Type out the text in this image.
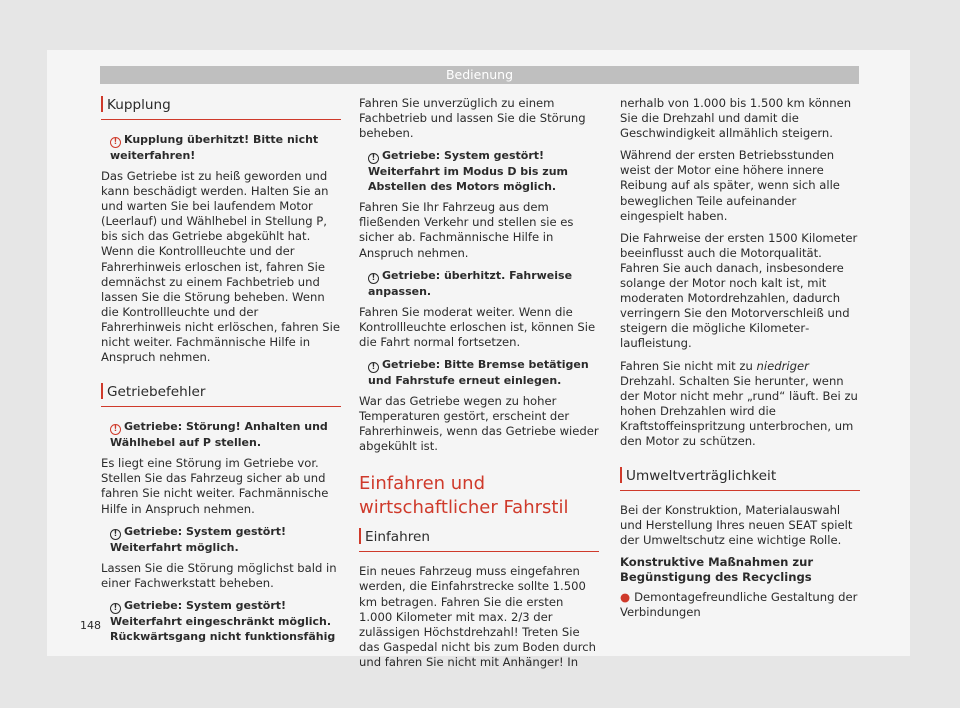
Bedienung
Kupplung
! Kupplung überhitzt! Bitte nicht weiterfahren!

Das Getriebe ist zu heiß geworden und kann beschädigt werden. Halten Sie an und warten Sie bei laufendem Motor (Leerlauf) und Wählhebel in Stellung P, bis sich das Getriebe abgekühlt hat. Wenn die Kontrollleuchte und der Fahrerhinweis erloschen ist, fahren Sie demnächst zu einem Fachbetrieb und lassen Sie die Störung beheben. Wenn die Kontrollleuchte und der Fahrerhinweis nicht erlöschen, fahren Sie nicht weiter. Fachmännische Hilfe in Anspruch nehmen.

Getriebefehler
! Getriebe: Störung! Anhalten und Wählhebel auf P stellen.

Es liegt eine Störung im Getriebe vor. Stellen Sie das Fahrzeug sicher ab und fahren Sie nicht weiter. Fachmännische Hilfe in Anspruch nehmen.

! Getriebe: System gestört! Weiterfahrt möglich.

Lassen Sie die Störung möglichst bald in einer Fachwerkstatt beheben.

! Getriebe: System gestört! Weiterfahrt eingeschränkt möglich. Rückwärtsgang nicht funktionsfähig

Fahren Sie unverzüglich zu einem Fachbetrieb und lassen Sie die Störung beheben.

! Getriebe: System gestört! Weiterfahrt im Modus D bis zum Abstellen des Motors möglich.

Fahren Sie Ihr Fahrzeug aus dem fließenden Verkehr und stellen sie es sicher ab. Fachmännische Hilfe in Anspruch nehmen.

! Getriebe: überhitzt. Fahrweise anpassen.

Fahren Sie moderat weiter. Wenn die Kontrollleuchte erloschen ist, können Sie die Fahrt normal fortsetzen.

! Getriebe: Bitte Bremse betätigen und Fahrstufe erneut einlegen.

War das Getriebe wegen zu hoher Temperaturen gestört, erscheint der Fahrerhinweis, wenn das Getriebe wieder abgekühlt ist.

Einfahren und wirtschaftlicher Fahrstil
Einfahren

Ein neues Fahrzeug muss eingefahren werden, die Einfahrstrecke sollte 1.500 km betragen. Fahren Sie die ersten 1.000 Kilometer mit max. 2/3 der zulässigen Höchstdrehzahl! Treten Sie das Gaspedal nicht bis zum Boden durch und fahren Sie nicht mit Anhänger! In

nerhalb von 1.000 bis 1.500 km können Sie die Drehzahl und damit die Geschwindigkeit allmählich steigern.

Während der ersten Betriebsstunden weist der Motor eine höhere innere Reibung auf als später, wenn sich alle beweglichen Teile aufeinander eingespielt haben.

Die Fahrweise der ersten 1500 Kilometer beeinflusst auch die Motorqualität. Fahren Sie auch danach, insbesondere solange der Motor noch kalt ist, mit moderaten Motordrehzahlen, dadurch verringern Sie den Motorverschleiß und steigern die mögliche Kilometerlaufleistung.

Fahren Sie nicht mit zu niedriger Drehzahl. Schalten Sie herunter, wenn der Motor nicht mehr „rund“ läuft. Bei zu hohen Drehzahlen wird die Kraftstoffeinspritzung unterbrochen, um den Motor zu schützen.

Umweltverträglichkeit

Bei der Konstruktion, Materialauswahl und Herstellung Ihres neuen SEAT spielt der Umweltschutz eine wichtige Rolle.

Konstruktive Maßnahmen zur Begünstigung des Recyclings
● Demontagefreundliche Gestaltung der Verbindungen
148
